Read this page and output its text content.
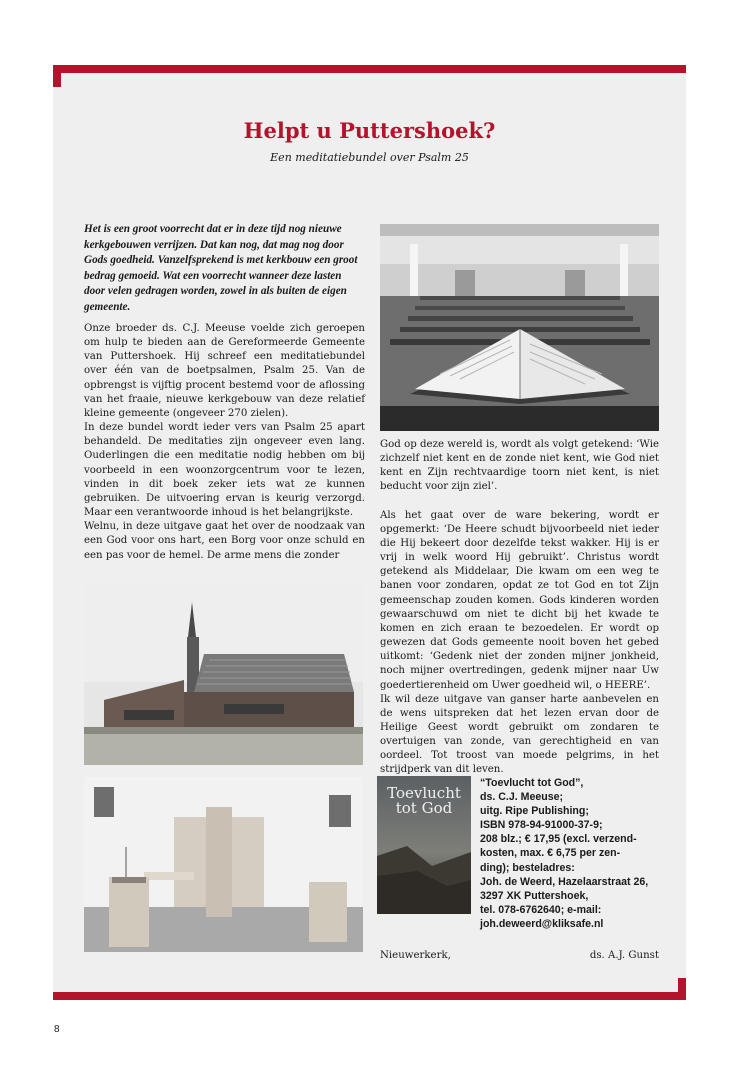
Helpt u Puttershoek?
Een meditatiebundel over Psalm 25
Het is een groot voorrecht dat er in deze tijd nog nieuwe kerkgebouwen verrijzen. Dat kan nog, dat mag nog door Gods goedheid. Vanzelfsprekend is met kerkbouw een groot bedrag gemoeid. Wat een voorrecht wanneer deze lasten door velen gedragen worden, zowel in als buiten de eigen gemeente.

Onze broeder ds. C.J. Meeuse voelde zich geroepen om hulp te bieden aan de Gereformeerde Gemeente van Puttershoek. Hij schreef een meditatiebundel over één van de boetpsalmen, Psalm 25. Van de opbrengst is vijftig procent bestemd voor de aflossing van het fraaie, nieuwe kerkgebouw van deze relatief kleine gemeente (ongeveer 270 zielen).

In deze bundel wordt ieder vers van Psalm 25 apart behandeld. De meditaties zijn ongeveer even lang. Ouderlingen die een meditatie nodig hebben om bij voorbeeld in een woonzorgcentrum voor te lezen, vinden in dit boek zeker iets wat ze kunnen gebruiken. De uitvoering ervan is keurig verzorgd. Maar een verantwoorde inhoud is het belangrijkste.

Welnu, in deze uitgave gaat het over de noodzaak van een God voor ons hart, een Borg voor onze schuld en een pas voor de hemel. De arme mens die zonder

God op deze wereld is, wordt als volgt getekend: ‘Wie zichzelf niet kent en de zonde niet kent, wie God niet kent en Zijn rechtvaardige toorn niet kent, is niet beducht voor zijn ziel’.

Als het gaat over de ware bekering, wordt er opgemerkt: ‘De Heere schudt bijvoorbeeld niet ieder die Hij bekeert door dezelfde tekst wakker. Hij is er vrij in welk woord Hij gebruikt’. Christus wordt getekend als Middelaar, Die kwam om een weg te banen voor zondaren, opdat ze tot God en tot Zijn gemeenschap zouden komen. Gods kinderen worden gewaarschuwd om niet te dicht bij het kwade te komen en zich eraan te bezoedelen. Er wordt op gewezen dat Gods gemeente nooit boven het gebed uitkomt: ‘Gedenk niet der zonden mijner jonkheid, noch mijner overtredingen, gedenk mijner naar Uw goedertierenheid om Uwer goedheid wil, o HEERE’.

Ik wil deze uitgave van ganser harte aanbevelen en de wens uitspreken dat het lezen ervan door de Heilige Geest wordt gebruikt om zondaren te overtuigen van zonde, van gerechtigheid en van oordeel. Tot troost van moede pelgrims, in het strijdperk van dit leven.

Toevlucht
tot God
“Toevlucht tot God”,
ds. C.J. Meeuse;
uitg. Ripe Publishing;
ISBN 978-94-91000-37-9;
208 blz.; € 17,95 (excl. verzend-
kosten, max. € 6,75 per zen-
ding); besteladres:
Joh. de Weerd, Hazelaarstraat 26,
3297 XK Puttershoek,
tel. 078-6762640; e-mail:
joh.deweerd@kliksafe.nl
Nieuwerkerk,	ds. A.J. Gunst
8
